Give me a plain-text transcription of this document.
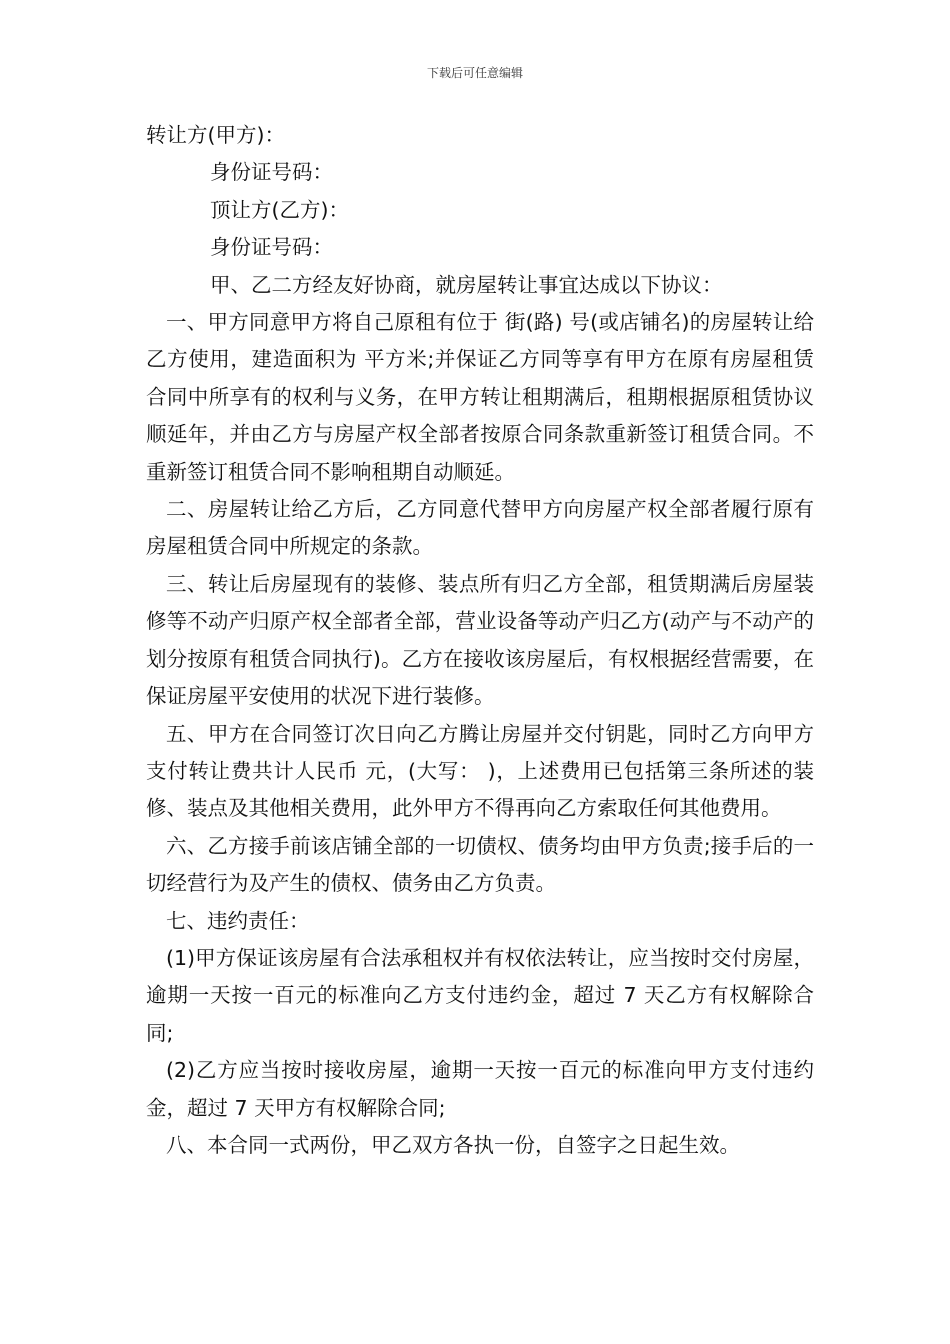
下载后可任意编辑

转让方(甲方)：

身份证号码：

顶让方(乙方)：

身份证号码：

甲、乙二方经友好协商，就房屋转让事宜达成以下协议：

一、甲方同意甲方将自己原租有位于 街(路) 号(或店铺名)的房屋转让给乙方使用，建造面积为 平方米;并保证乙方同等享有甲方在原有房屋租赁合同中所享有的权利与义务，在甲方转让租期满后，租期根据原租赁协议顺延年，并由乙方与房屋产权全部者按原合同条款重新签订租赁合同。不重新签订租赁合同不影响租期自动顺延。

二、房屋转让给乙方后，乙方同意代替甲方向房屋产权全部者履行原有房屋租赁合同中所规定的条款。

三、转让后房屋现有的装修、装点所有归乙方全部，租赁期满后房屋装修等不动产归原产权全部者全部，营业设备等动产归乙方(动产与不动产的划分按原有租赁合同执行)。乙方在接收该房屋后，有权根据经营需要，在保证房屋平安使用的状况下进行装修。

五、甲方在合同签订次日向乙方腾让房屋并交付钥匙，同时乙方向甲方支付转让费共计人民币 元，(大写： )，上述费用已包括第三条所述的装修、装点及其他相关费用，此外甲方不得再向乙方索取任何其他费用。

六、乙方接手前该店铺全部的一切债权、债务均由甲方负责;接手后的一切经营行为及产生的债权、债务由乙方负责。

七、违约责任：

(1)甲方保证该房屋有合法承租权并有权依法转让，应当按时交付房屋，逾期一天按一百元的标准向乙方支付违约金，超过 7 天乙方有权解除合同;

(2)乙方应当按时接收房屋，逾期一天按一百元的标准向甲方支付违约金，超过 7 天甲方有权解除合同;

八、本合同一式两份，甲乙双方各执一份，自签字之日起生效。
